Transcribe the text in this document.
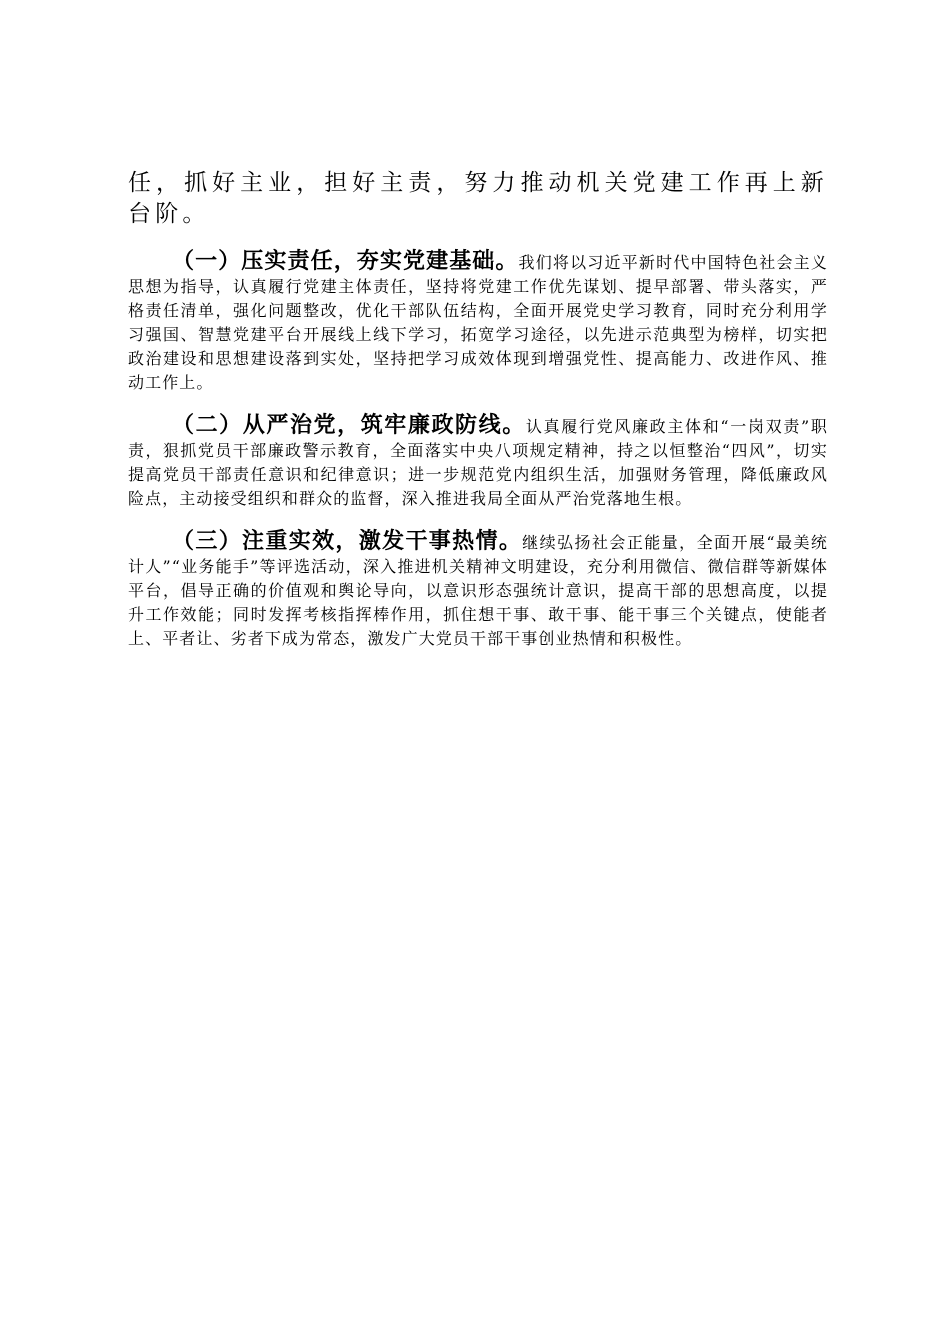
任，抓好主业，担好主责，努力推动机关党建工作再上新台阶。

（一）压实责任，夯实党建基础。我们将以习近平新时代中国特色社会主义思想为指导，认真履行党建主体责任，坚持将党建工作优先谋划、提早部署、带头落实，严格责任清单，强化问题整改，优化干部队伍结构，全面开展党史学习教育，同时充分利用学习强国、智慧党建平台开展线上线下学习，拓宽学习途径，以先进示范典型为榜样，切实把政治建设和思想建设落到实处，坚持把学习成效体现到增强党性、提高能力、改进作风、推动工作上。

（二）从严治党，筑牢廉政防线。认真履行党风廉政主体和“一岗双责”职责，狠抓党员干部廉政警示教育，全面落实中央八项规定精神，持之以恒整治“四风”，切实提高党员干部责任意识和纪律意识；进一步规范党内组织生活，加强财务管理，降低廉政风险点，主动接受组织和群众的监督，深入推进我局全面从严治党落地生根。

（三）注重实效，激发干事热情。继续弘扬社会正能量，全面开展“最美统计人”“业务能手”等评选活动，深入推进机关精神文明建设，充分利用微信、微信群等新媒体平台，倡导正确的价值观和舆论导向，以意识形态强统计意识，提高干部的思想高度，以提升工作效能；同时发挥考核指挥棒作用，抓住想干事、敢干事、能干事三个关键点，使能者上、平者让、劣者下成为常态，激发广大党员干部干事创业热情和积极性。
